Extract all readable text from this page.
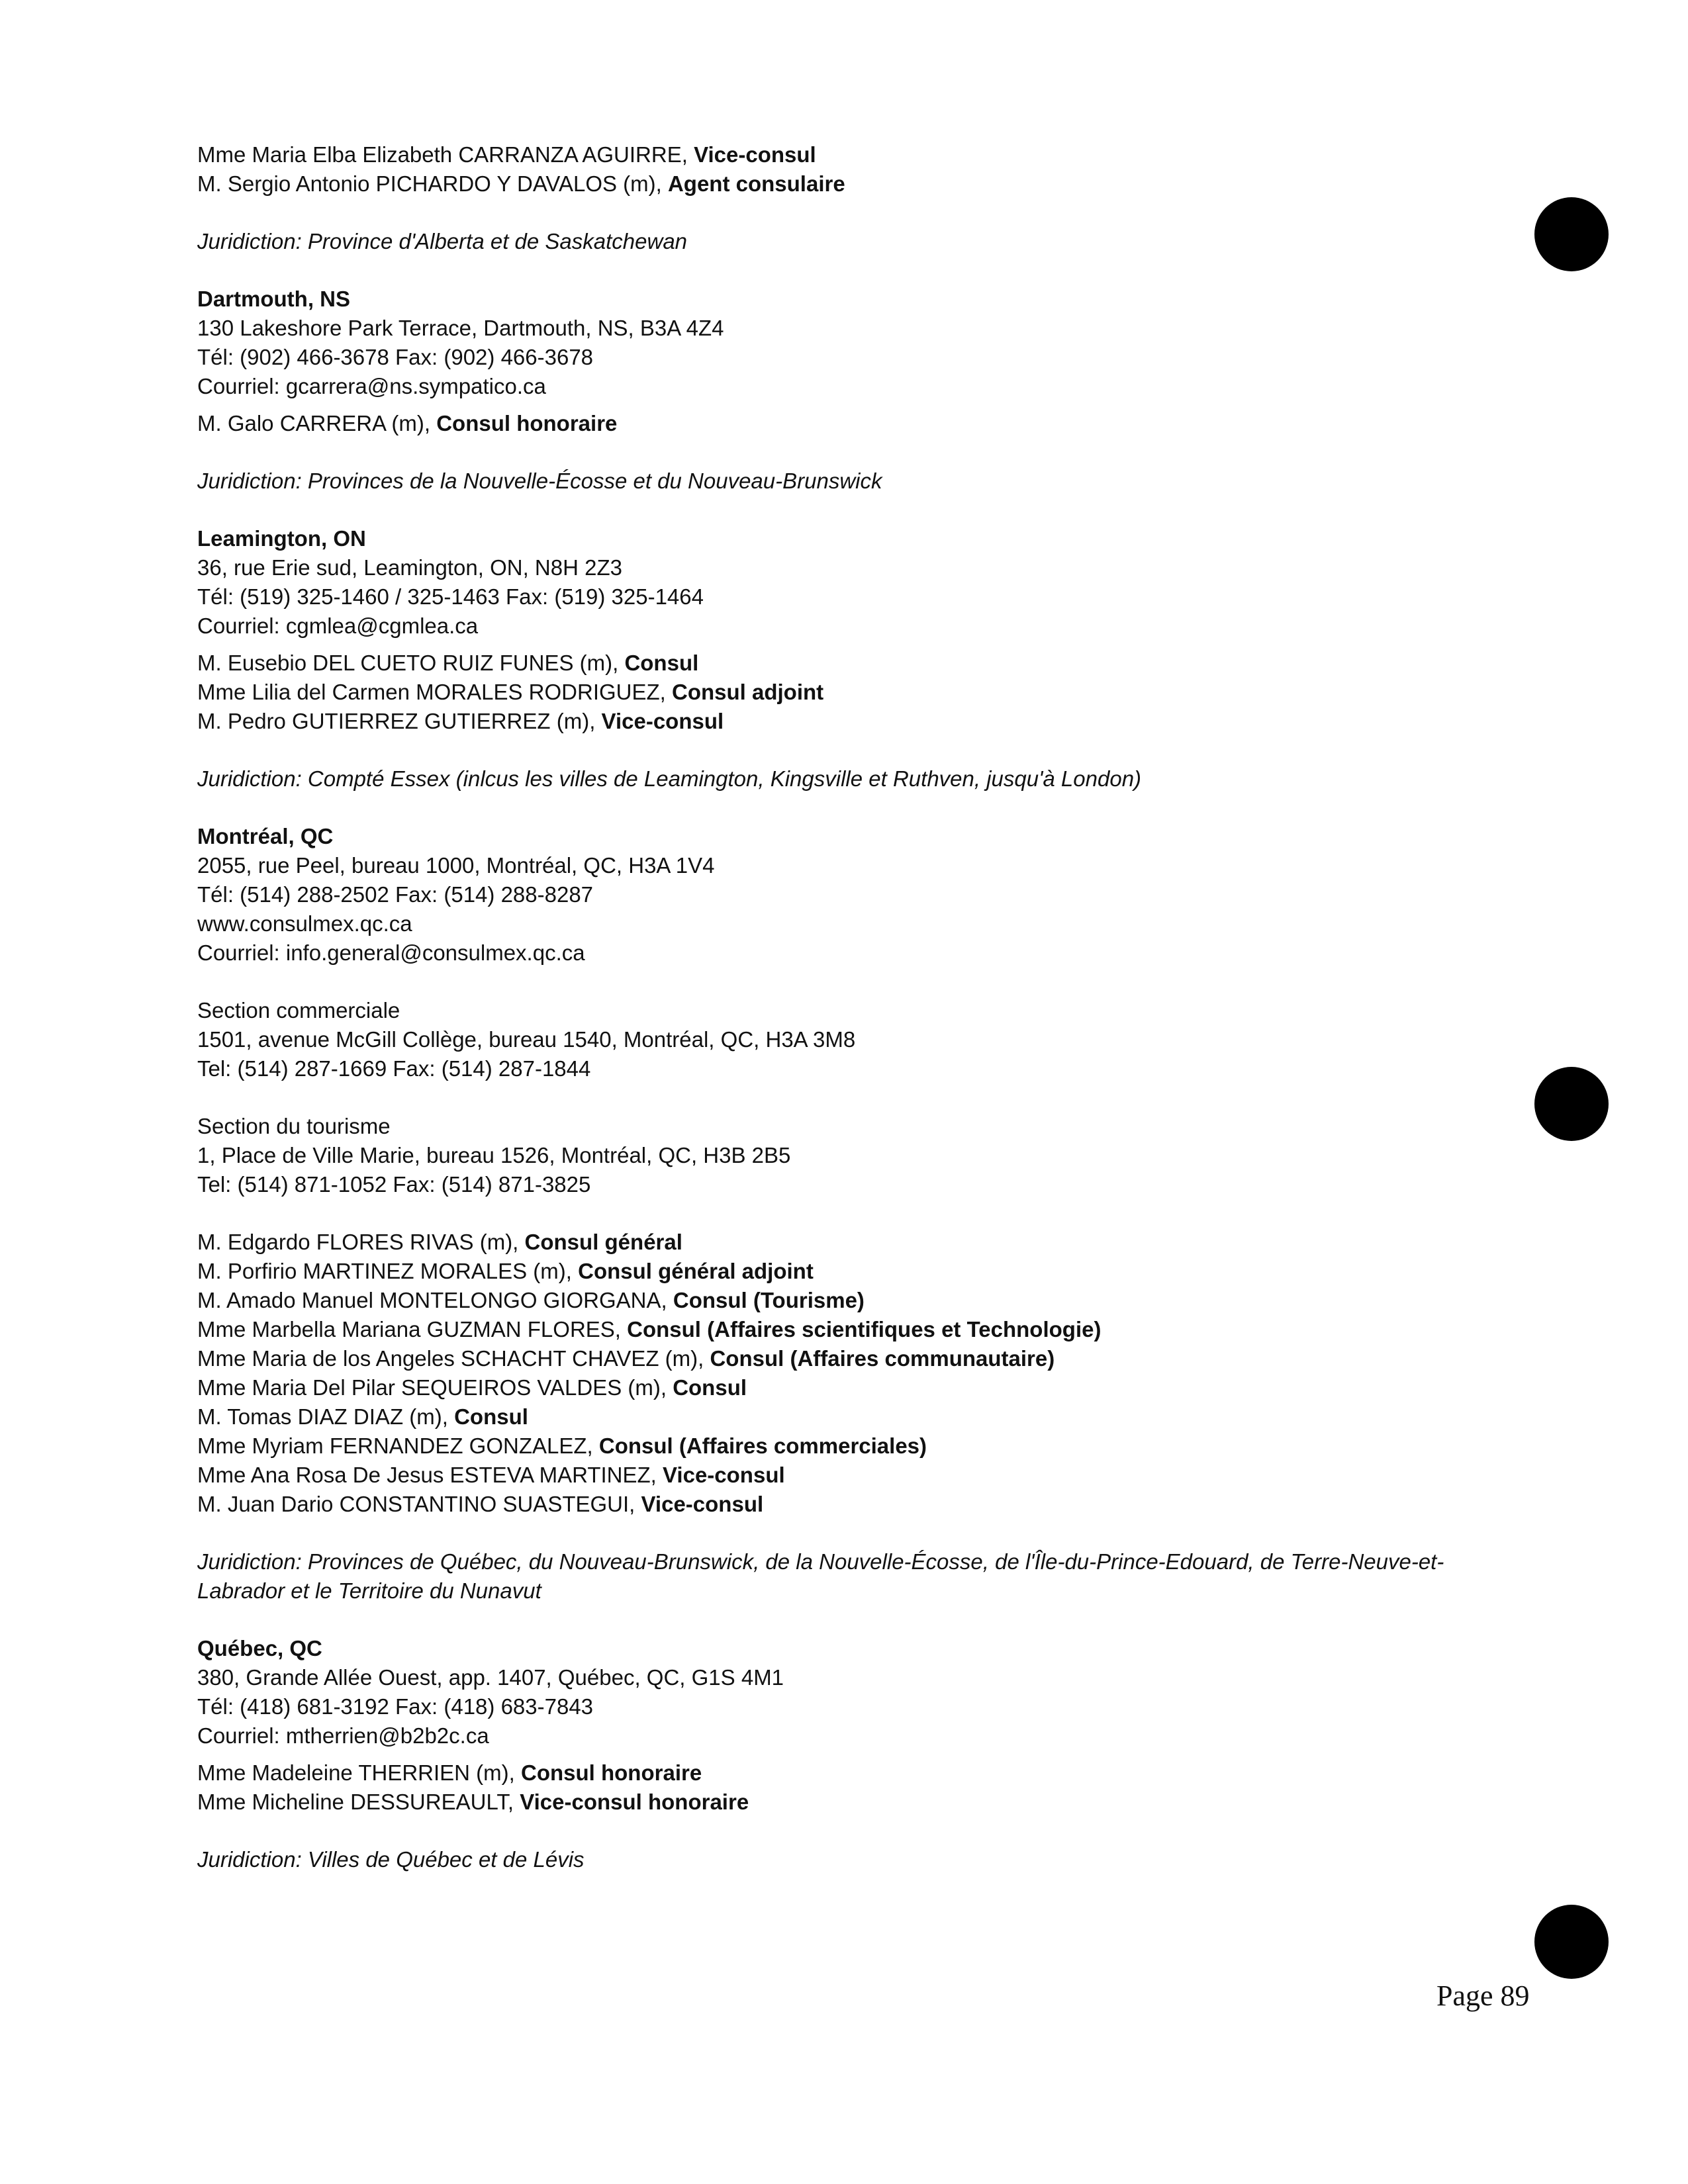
Mme Maria Elba Elizabeth CARRANZA AGUIRRE, Vice-consul
M. Sergio Antonio PICHARDO Y DAVALOS (m), Agent consulaire
Juridiction: Province d'Alberta et de Saskatchewan
Dartmouth, NS
130 Lakeshore Park Terrace, Dartmouth, NS, B3A 4Z4
Tél: (902) 466-3678 Fax: (902) 466-3678
Courriel: gcarrera@ns.sympatico.ca
M. Galo CARRERA (m), Consul honoraire
Juridiction: Provinces de la Nouvelle-Écosse et du Nouveau-Brunswick
Leamington, ON
36, rue Erie sud, Leamington, ON, N8H 2Z3
Tél: (519) 325-1460 / 325-1463 Fax: (519) 325-1464
Courriel: cgmlea@cgmlea.ca
M. Eusebio DEL CUETO RUIZ FUNES (m), Consul
Mme Lilia del Carmen MORALES RODRIGUEZ, Consul adjoint
M. Pedro GUTIERREZ GUTIERREZ (m), Vice-consul
Juridiction: Compté Essex (inlcus les villes de Leamington, Kingsville et Ruthven, jusqu'à London)
Montréal, QC
2055, rue Peel, bureau 1000, Montréal, QC, H3A 1V4
Tél: (514) 288-2502 Fax: (514) 288-8287
www.consulmex.qc.ca
Courriel: info.general@consulmex.qc.ca
Section commerciale
1501, avenue McGill Collège, bureau 1540, Montréal, QC, H3A 3M8
Tel: (514) 287-1669 Fax: (514) 287-1844
Section du tourisme
1, Place de Ville Marie, bureau 1526, Montréal, QC, H3B 2B5
Tel: (514) 871-1052 Fax: (514) 871-3825
M. Edgardo FLORES RIVAS (m), Consul général
M. Porfirio MARTINEZ MORALES (m), Consul général adjoint
M. Amado Manuel MONTELONGO GIORGANA, Consul (Tourisme)
Mme Marbella Mariana GUZMAN FLORES, Consul (Affaires scientifiques et Technologie)
Mme Maria de los Angeles SCHACHT CHAVEZ (m), Consul (Affaires communautaire)
Mme Maria Del Pilar SEQUEIROS VALDES (m), Consul
M. Tomas DIAZ DIAZ (m), Consul
Mme Myriam FERNANDEZ GONZALEZ, Consul (Affaires commerciales)
Mme Ana Rosa De Jesus ESTEVA MARTINEZ, Vice-consul
M. Juan Dario CONSTANTINO SUASTEGUI, Vice-consul
Juridiction: Provinces de Québec, du Nouveau-Brunswick, de la Nouvelle-Écosse, de l'Île-du-Prince-Edouard, de Terre-Neuve-et-Labrador et le Territoire du Nunavut
Québec, QC
380, Grande Allée Ouest, app. 1407, Québec, QC, G1S 4M1
Tél: (418) 681-3192 Fax: (418) 683-7843
Courriel: mtherrien@b2b2c.ca
Mme Madeleine THERRIEN (m), Consul honoraire
Mme Micheline DESSUREAULT, Vice-consul honoraire
Juridiction: Villes de Québec et de Lévis
Page 89
